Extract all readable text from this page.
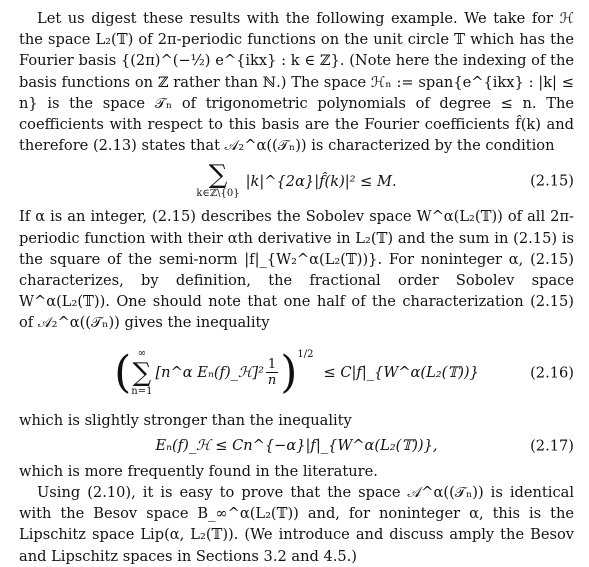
Let us digest these results with the following example. We take for ℋ the space L₂(𝕋) of 2π-periodic functions on the unit circle 𝕋 which has the Fourier basis {(2π)^(−½) e^{ikx} : k ∈ ℤ}. (Note here the indexing of the basis functions on ℤ rather than ℕ.) The space ℋₙ := span{e^{ikx} : |k| ≤ n} is the space 𝒯ₙ of trigonometric polynomials of degree ≤ n. The coefficients with respect to this basis are the Fourier coefficients f̂(k) and therefore (2.13) states that 𝒜₂^α((𝒯ₙ)) is characterized by the condition

∑
k∈ℤ\{0}
|k|^{2α}|f̂(k)|² ≤ M.	(2.15)

If α is an integer, (2.15) describes the Sobolev space W^α(L₂(𝕋)) of all 2π-periodic function with their αth derivative in L₂(𝕋) and the sum in (2.15) is the square of the semi-norm |f|_{W₂^α(L₂(𝕋))}. For noninteger α, (2.15) characterizes, by definition, the fractional order Sobolev space W^α(L₂(𝕋)). One should note that one half of the characterization (2.15) of 𝒜₂^α((𝒯ₙ)) gives the inequality

( ∞
∑
n=1
[n^α Eₙ(f)_ℋ]² $\frac{1}{n}$ ) 1/2
≤ C|f|_{W^α(L₂(𝕋))}	(2.16)

which is slightly stronger than the inequality

Eₙ(f)_ℋ ≤ Cn^{−α}|f|_{W^α(L₂(𝕋))},	(2.17)

which is more frequently found in the literature.

Using (2.10), it is easy to prove that the space 𝒜^α((𝒯ₙ)) is identical with the Besov space B_∞^α(L₂(𝕋)) and, for noninteger α, this is the Lipschitz space Lip(α, L₂(𝕋)). (We introduce and discuss amply the Besov and Lipschitz spaces in Sections 3.2 and 4.5.)
